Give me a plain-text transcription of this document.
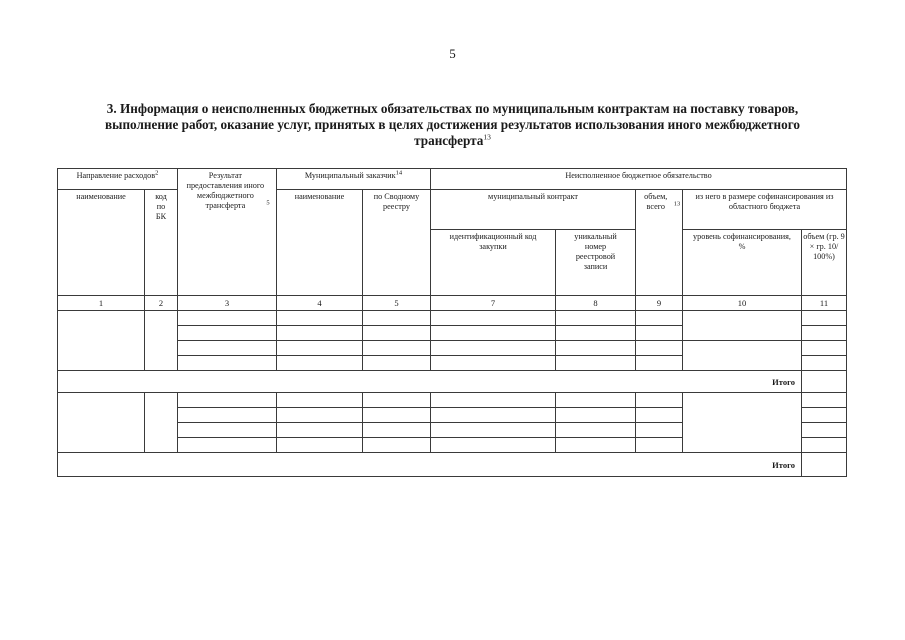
5
3. Информация о неисполненных бюджетных обязательствах по муниципальным контрактам на поставку товаров,
выполнение работ, оказание услуг, принятых в целях достижения результатов использования иного межбюджетного
трансферта$^{13}$
Направление расходов$^2$		Результат предоставления иного межбюджетного трансферта $^5$	Муниципальный заказчик$^{14}$		Неисполненное бюджетное обязательство				
наименование	код по БК		наименование	по Сводному реестру	муниципальный контракт		объем, всего $^{13}$	из него в размере софинансирования из областного бюджета	
					идентификационный код закупки	уникальный номер реестровой записи		уровень софинансирования, %	объем (гр. 9 × гр. 10/ 100%)
1	2	3	4	5	7	8	9	10	11

Итого									

Итого									
